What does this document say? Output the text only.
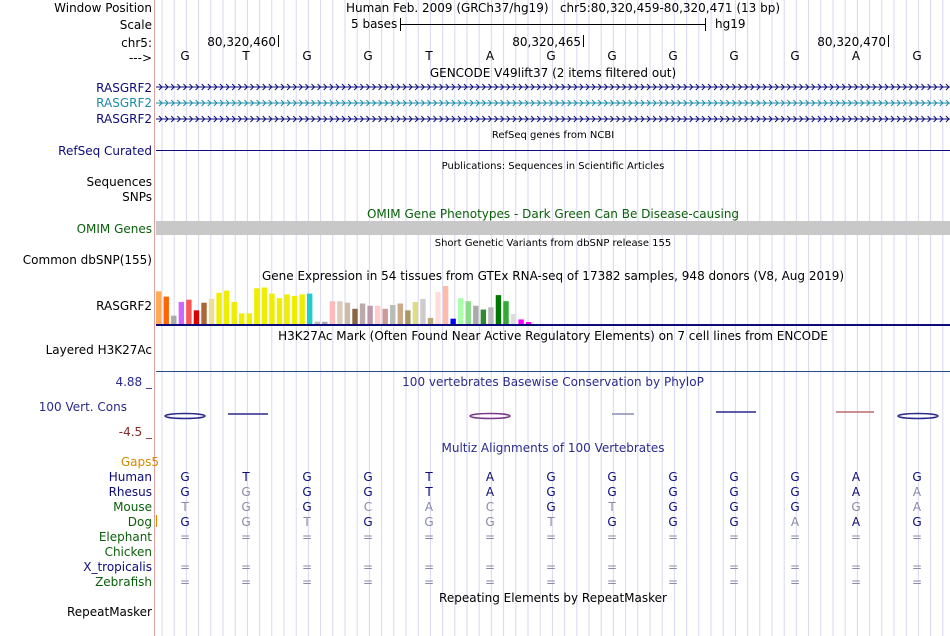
Window Position	Human Feb. 2009 (GRCh37/hg19)   chr5:80,320,459-80,320,471 (13 bp)
Scale	5 bases	hg19
chr5:	80,320,460	80,320,465	80,320,470
---> G	T	G	G	T	A	G	G	G	G	G	A	G
GENCODE V49lift37 (2 items filtered out)
RASGRF2
RASGRF2
RASGRF2
RefSeq genes from NCBI
RefSeq Curated
Publications: Sequences in Scientific Articles
Sequences
SNPs
OMIM Gene Phenotypes - Dark Green Can Be Disease-causing
OMIM Genes
Short Genetic Variants from dbSNP release 155
Common dbSNP(155)
Gene Expression in 54 tissues from GTEx RNA-seq of 17382 samples, 948 donors (V8, Aug 2019)
RASGRF2
H3K27Ac Mark (Often Found Near Active Regulatory Elements) on 7 cell lines from ENCODE
Layered H3K27Ac
100 vertebrates Basewise Conservation by PhyloP
4.88 _
100 Vert. Cons
-4.5 _
Multiz Alignments of 100 Vertebrates
Gaps5
Human G	T	G	G	T	A	G	G	G	G	G	A	G
Rhesus G	G	G	G	T	A	G	G	G	G	G	A	A
Mouse	T	G	G	C	A	C	G	T	G	G	G	G	A
Dog G	G	T	G	G	G	T	G	G	G	A	A	G
Elephant =	=	=	=	=	=	=	=	=	=	=	=	=
Chicken
X_tropicalis =	=	=	=	=	=	=	=	=	=	=	=	=
Zebrafish =	=	=	=	=	=	=	=	=	=	=	=	=
Repeating Elements by RepeatMasker
RepeatMasker
